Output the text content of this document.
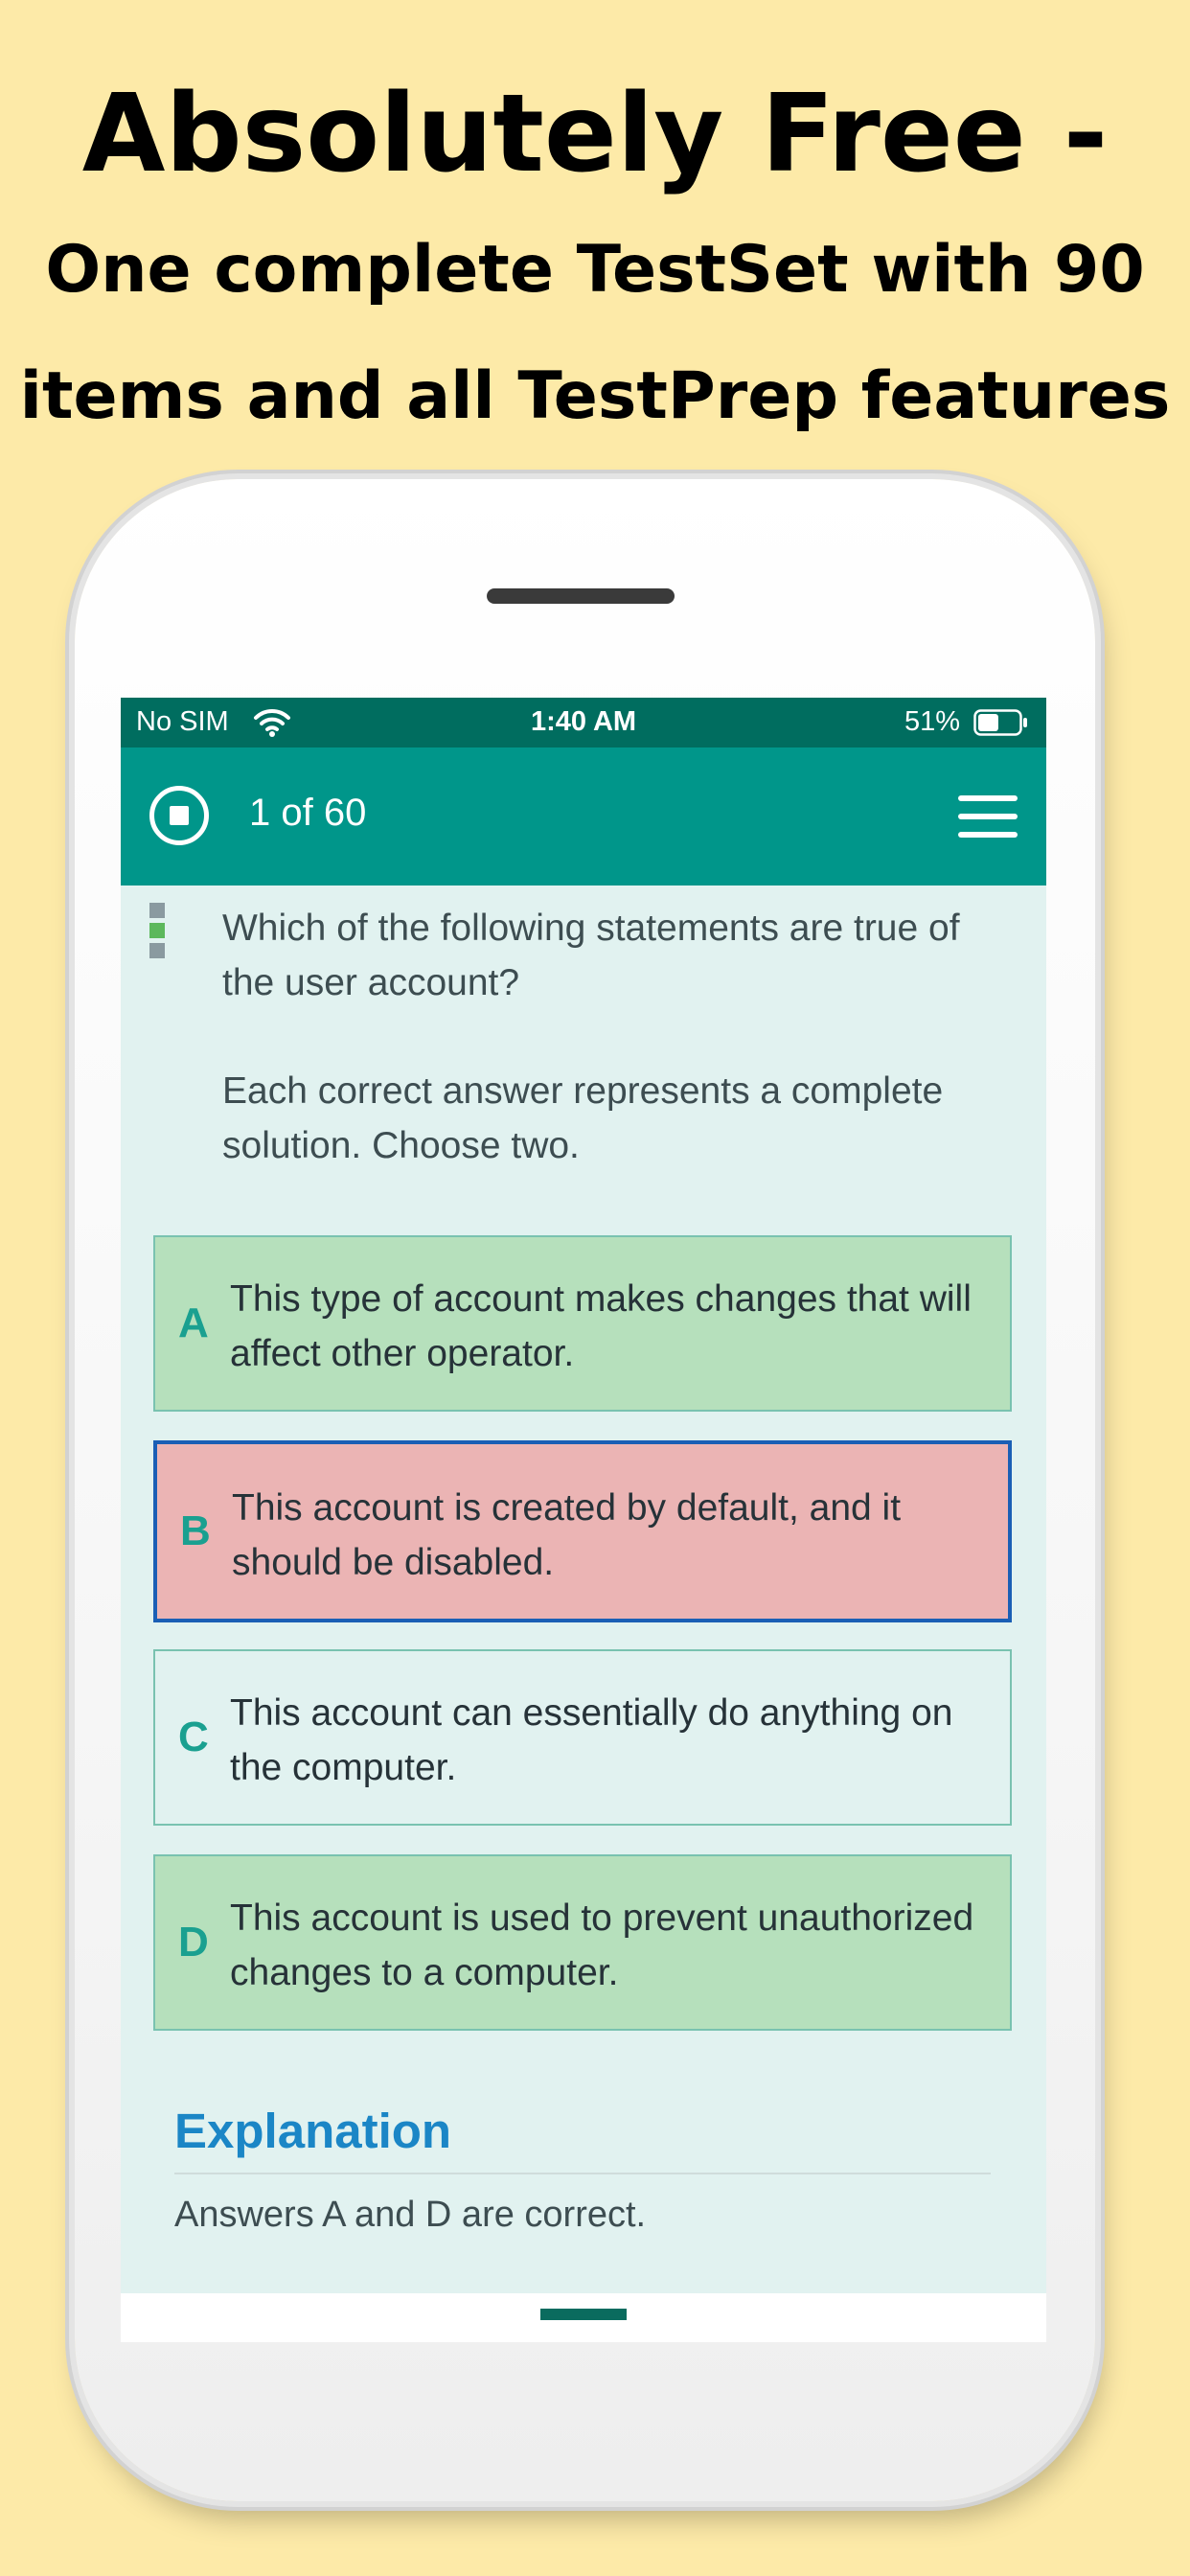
Absolutely Free -
One complete TestSet with 90
items and all TestPrep features
No SIM	1:40 AM	51%
1 of 60

Which of the following statements are true of the user account?

Each correct answer represents a complete solution. Choose two.

A
This type of account makes changes that will affect other operator.
B This account is created by default, and it should be disabled.
C
This account can essentially do anything on the computer.
D
This account is used to prevent unauthorized changes to a computer.
Explanation
Answers A and D are correct.
